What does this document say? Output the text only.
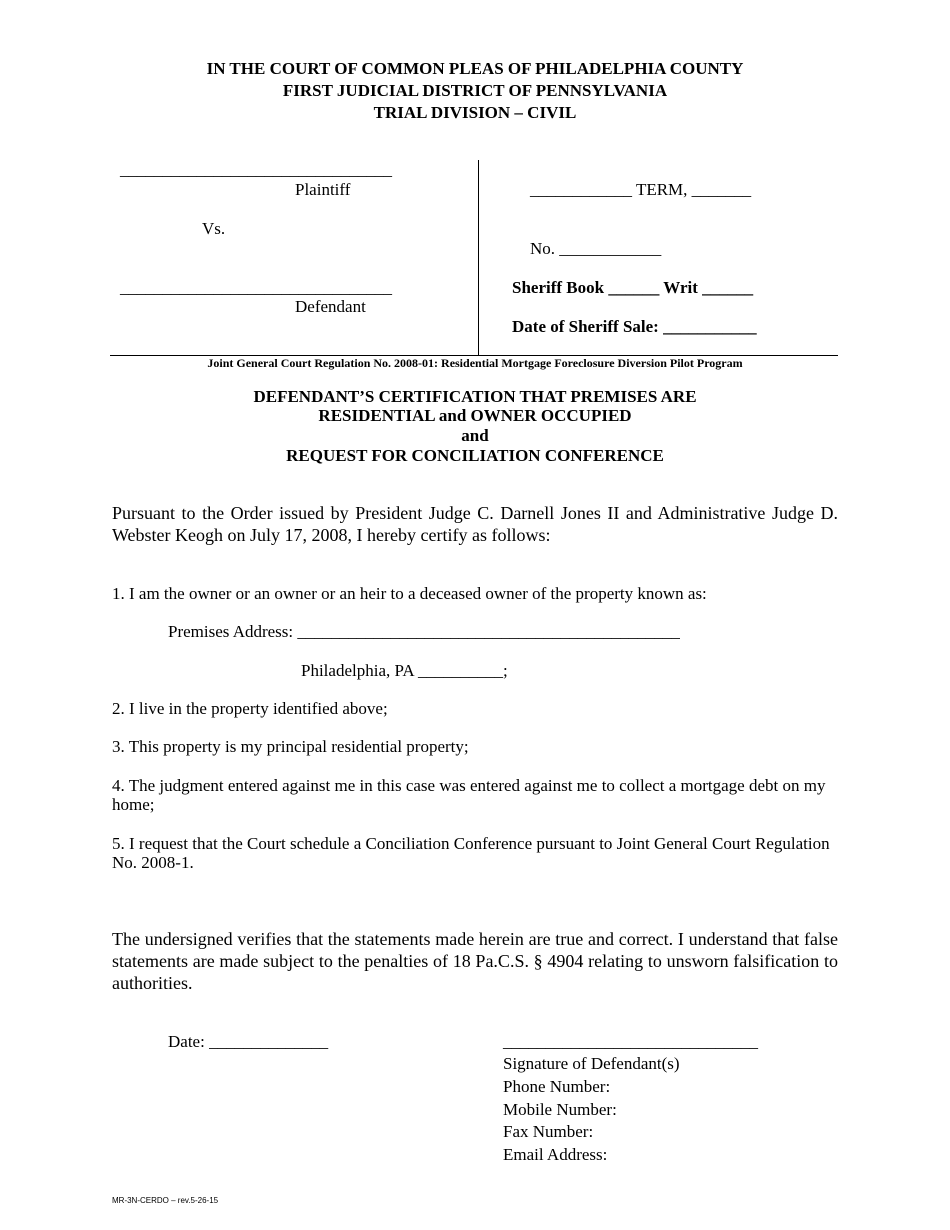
IN THE COURT OF COMMON PLEAS OF PHILADELPHIA COUNTY
FIRST JUDICIAL DISTRICT OF PENNSYLVANIA
TRIAL DIVISION – CIVIL
________________________________
Plaintiff
Vs.
________________________________
Defendant
____________ TERM, _______
No. ____________
Sheriff Book ______ Writ ______
Date of Sheriff Sale: ___________
Joint General Court Regulation No. 2008-01: Residential Mortgage Foreclosure Diversion Pilot Program
DEFENDANT’S CERTIFICATION THAT PREMISES ARE
RESIDENTIAL and OWNER OCCUPIED
and
REQUEST FOR CONCILIATION CONFERENCE
Pursuant to the Order issued by President Judge C. Darnell Jones II and Administrative Judge D. Webster Keogh on July 17, 2008, I hereby certify as follows:
1. I am the owner or an owner or an heir to a deceased owner of the property known as:
Premises Address: _____________________________________________
Philadelphia, PA __________;
2. I live in the property identified above;
3. This property is my principal residential property;
4. The judgment entered against me in this case was entered against me to collect a mortgage debt on my home;
5. I request that the Court schedule a Conciliation Conference pursuant to Joint General Court Regulation No. 2008-1.
The undersigned verifies that the statements made herein are true and correct. I understand that false statements are made subject to the penalties of 18 Pa.C.S. § 4904 relating to unsworn falsification to authorities.
Date: ______________	______________________________
Signature of Defendant(s)
Phone Number:
Mobile Number:
Fax Number:
Email Address:
MR-3N-CERDO – rev.5-26-15
